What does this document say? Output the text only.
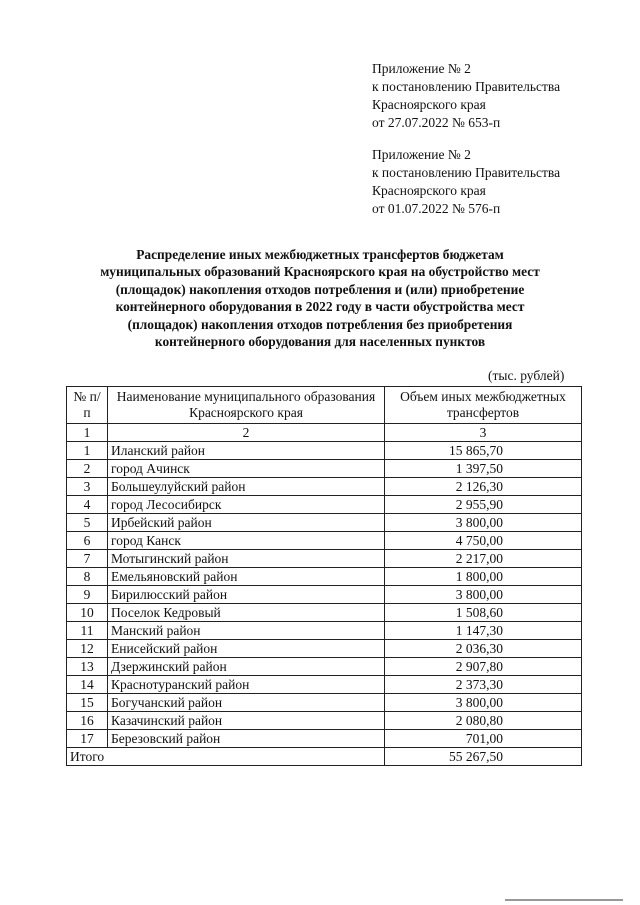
Приложение № 2
к постановлению Правительства
Красноярского края
от 27.07.2022 № 653-п
Приложение № 2
к постановлению Правительства
Красноярского края
от 01.07.2022 № 576-п
Распределение иных межбюджетных трансфертов бюджетам
муниципальных образований Красноярского края на обустройство мест
(площадок) накопления отходов потребления и (или) приобретение
контейнерного оборудования в 2022 году в части обустройства мест
(площадок) накопления отходов потребления без приобретения
контейнерного оборудования для населенных пунктов
(тыс. рублей)
№ п/п	Наименование муниципального образования Красноярского края	Объем иных межбюджетных трансфертов
1	2	3
1	Иланский район	15 865,70
2	город Ачинск	1 397,50
3	Большеулуйский район	2 126,30
4	город Лесосибирск	2 955,90
5	Ирбейский район	3 800,00
6	город Канск	4 750,00
7	Мотыгинский район	2 217,00
8	Емельяновский район	1 800,00
9	Бирилюсский район	3 800,00
10	Поселок Кедровый	1 508,60
11	Манский район	1 147,30
12	Енисейский район	2 036,30
13	Дзержинский район	2 907,80
14	Краснотуранский район	2 373,30
15	Богучанский район	3 800,00
16	Казачинский район	2 080,80
17	Березовский район	701,00
Итого		55 267,50
